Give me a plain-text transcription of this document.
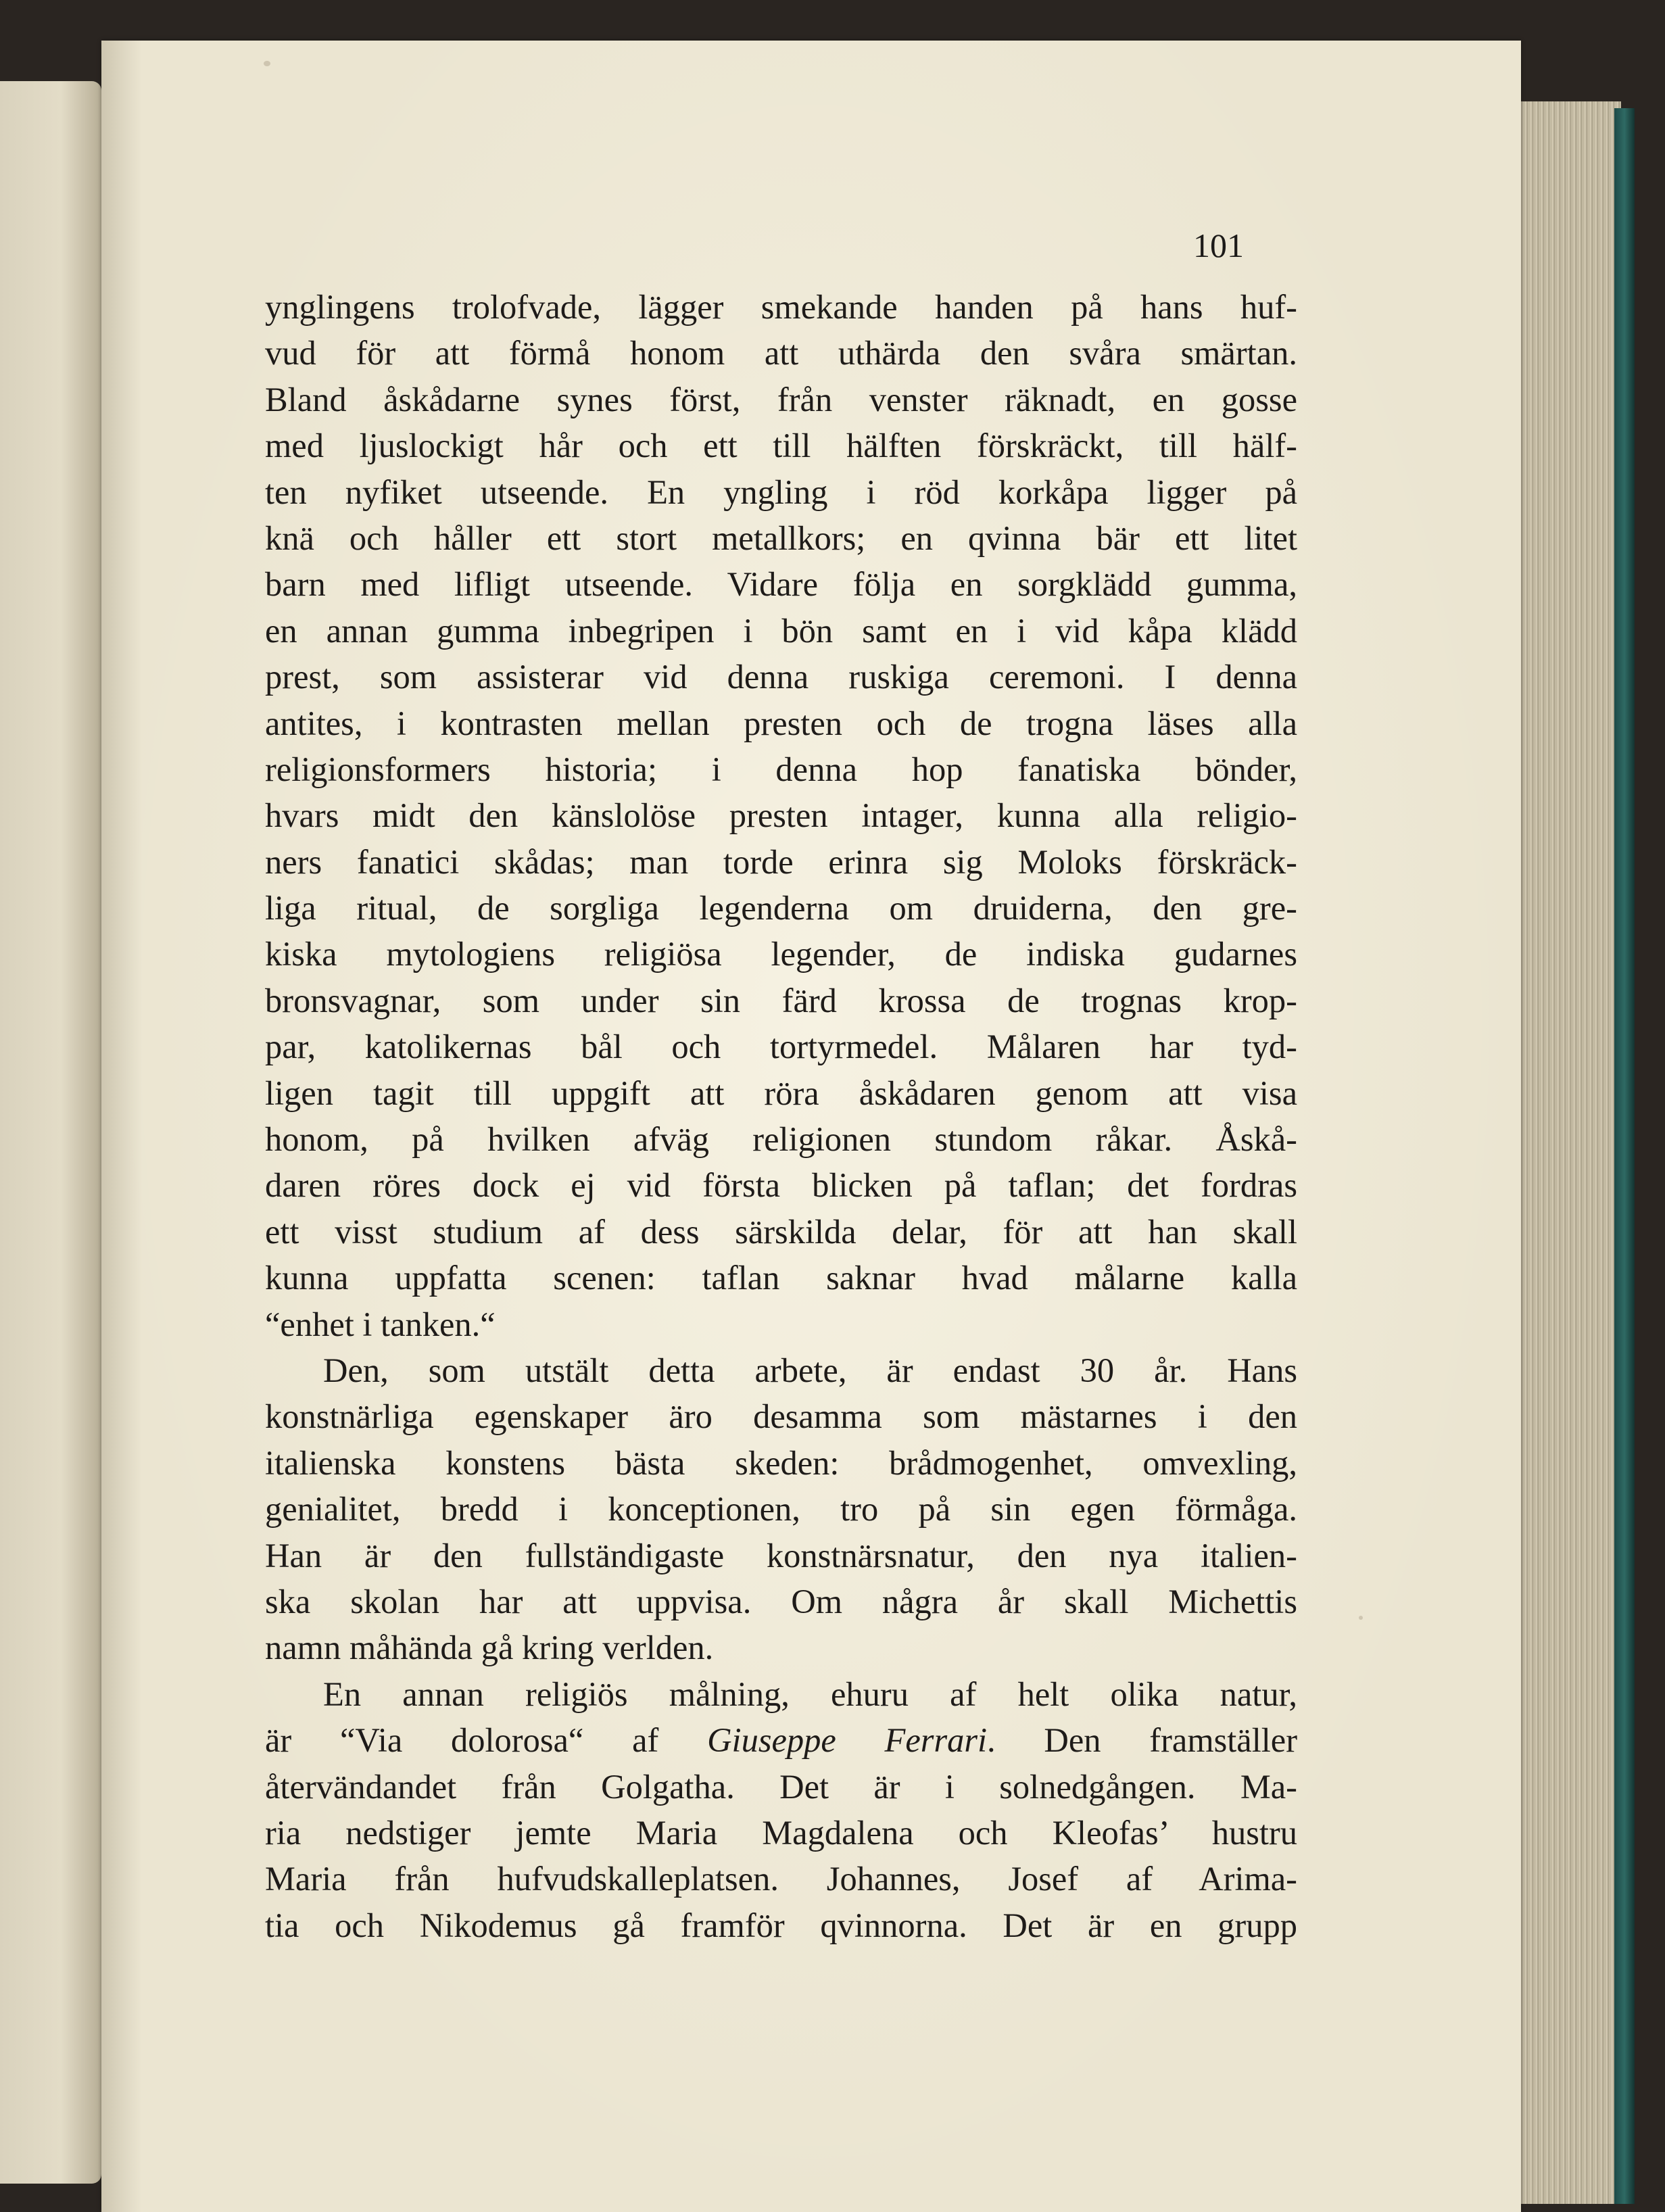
101
ynglingens trolofvade, lägger smekande handen på hans huf-
vud för att förmå honom att uthärda den svåra smärtan.
Bland åskådarne synes först, från venster räknadt, en gosse
med ljuslockigt hår och ett till hälften förskräckt, till hälf-
ten nyfiket utseende. En yngling i röd korkåpa ligger på
knä och håller ett stort metallkors; en qvinna bär ett litet
barn med lifligt utseende. Vidare följa en sorgklädd gumma,
en annan gumma inbegripen i bön samt en i vid kåpa klädd
prest, som assisterar vid denna ruskiga ceremoni. I denna
antites, i kontrasten mellan presten och de trogna läses alla
religionsformers historia; i denna hop fanatiska bönder,
hvars midt den känslolöse presten intager, kunna alla religio-
ners fanatici skådas; man torde erinra sig Moloks förskräck-
liga ritual, de sorgliga legenderna om druiderna, den gre-
kiska mytologiens religiösa legender, de indiska gudarnes
bronsvagnar, som under sin färd krossa de trognas krop-
par, katolikernas bål och tortyrmedel. Målaren har tyd-
ligen tagit till uppgift att röra åskådaren genom att visa
honom, på hvilken afväg religionen stundom råkar. Åskå-
daren röres dock ej vid första blicken på taflan; det fordras
ett visst studium af dess särskilda delar, för att han skall
kunna uppfatta scenen: taflan saknar hvad målarne kalla
“enhet i tanken.“
Den, som utstält detta arbete, är endast 30 år. Hans
konstnärliga egenskaper äro desamma som mästarnes i den
italienska konstens bästa skeden: brådmogenhet, omvexling,
genialitet, bredd i konceptionen, tro på sin egen förmåga.
Han är den fullständigaste konstnärsnatur, den nya italien-
ska skolan har att uppvisa. Om några år skall Michettis
namn måhända gå kring verlden.
En annan religiös målning, ehuru af helt olika natur,
är “Via dolorosa“ af Giuseppe Ferrari. Den framställer
återvändandet från Golgatha. Det är i solnedgången. Ma-
ria nedstiger jemte Maria Magdalena och Kleofas’ hustru
Maria från hufvudskalleplatsen. Johannes, Josef af Arima-
tia och Nikodemus gå framför qvinnorna. Det är en grupp
